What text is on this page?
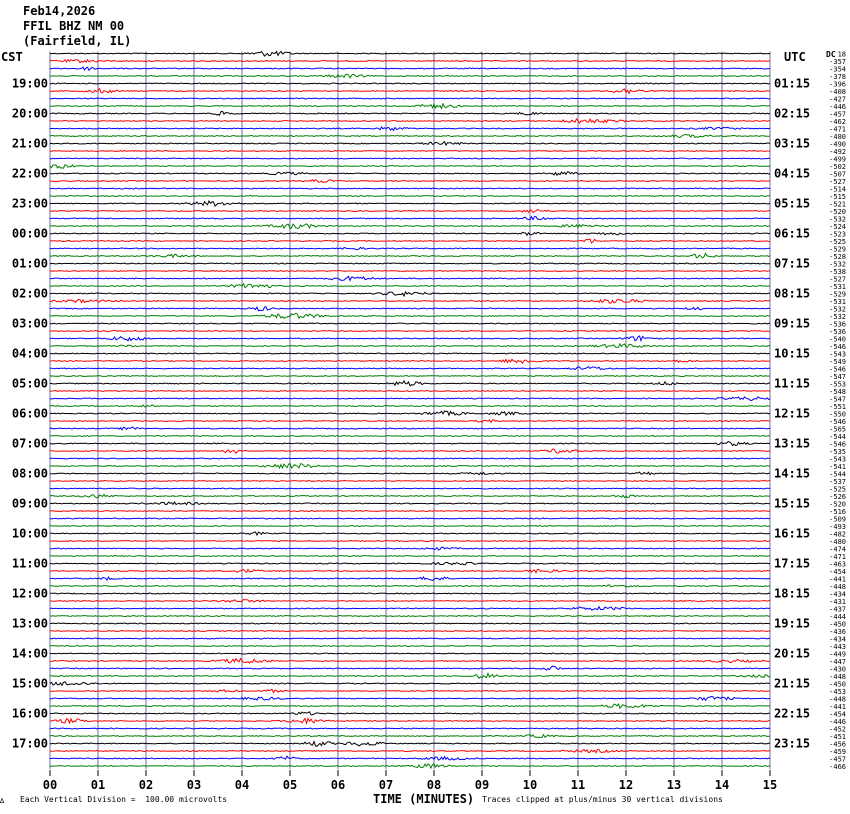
Feb14,2026
FFIL BHZ NM 00
(Fairfield, IL)
CST	UTC	DC
19:00
20:00
21:00
22:00
23:00
00:00
01:00
02:00
03:00
04:00
05:00
06:00
07:00
08:00
09:00
10:00
11:00
12:00
13:00
14:00
15:00
16:00
17:00
01:15
02:15
03:15
04:15
05:15
06:15
07:15
08:15
09:15
10:15
11:15
12:15
13:15
14:15
15:15
16:15
17:15
18:15
19:15
20:15
21:15
22:15
23:15
18
-357
-354
-378
-396
-408
-427
-446
-457
-462
-471
-480
-490
-492
-499
-502
-507
-527
-514
-515
-521
-520
-532
-524
-523
-525
-529
-528
-532
-538
-527
-531
-529
-531
-532
-532
-536
-536
-540
-546
-543
-549
-546
-547
-553
-548
-547
-551
-550
-546
-565
-544
-546
-535
-543
-541
-544
-537
-525
-526
-520
-516
-509
-493
-482
-480
-474
-471
-463
-454
-441
-448
-434
-431
-437
-444
-450
-436
-434
-443
-449
-447
-430
-448
-450
-453
-448
-441
-454
-446
-452
-451
-456
-459
-457
-466
00	01	02	03	04	05	06	07	08	09	10	11	12	13	14	15
∆ Each Vertical Division =  100.00 microvolts	TIME (MINUTES) Traces clipped at plus/minus 30 vertical divisions
